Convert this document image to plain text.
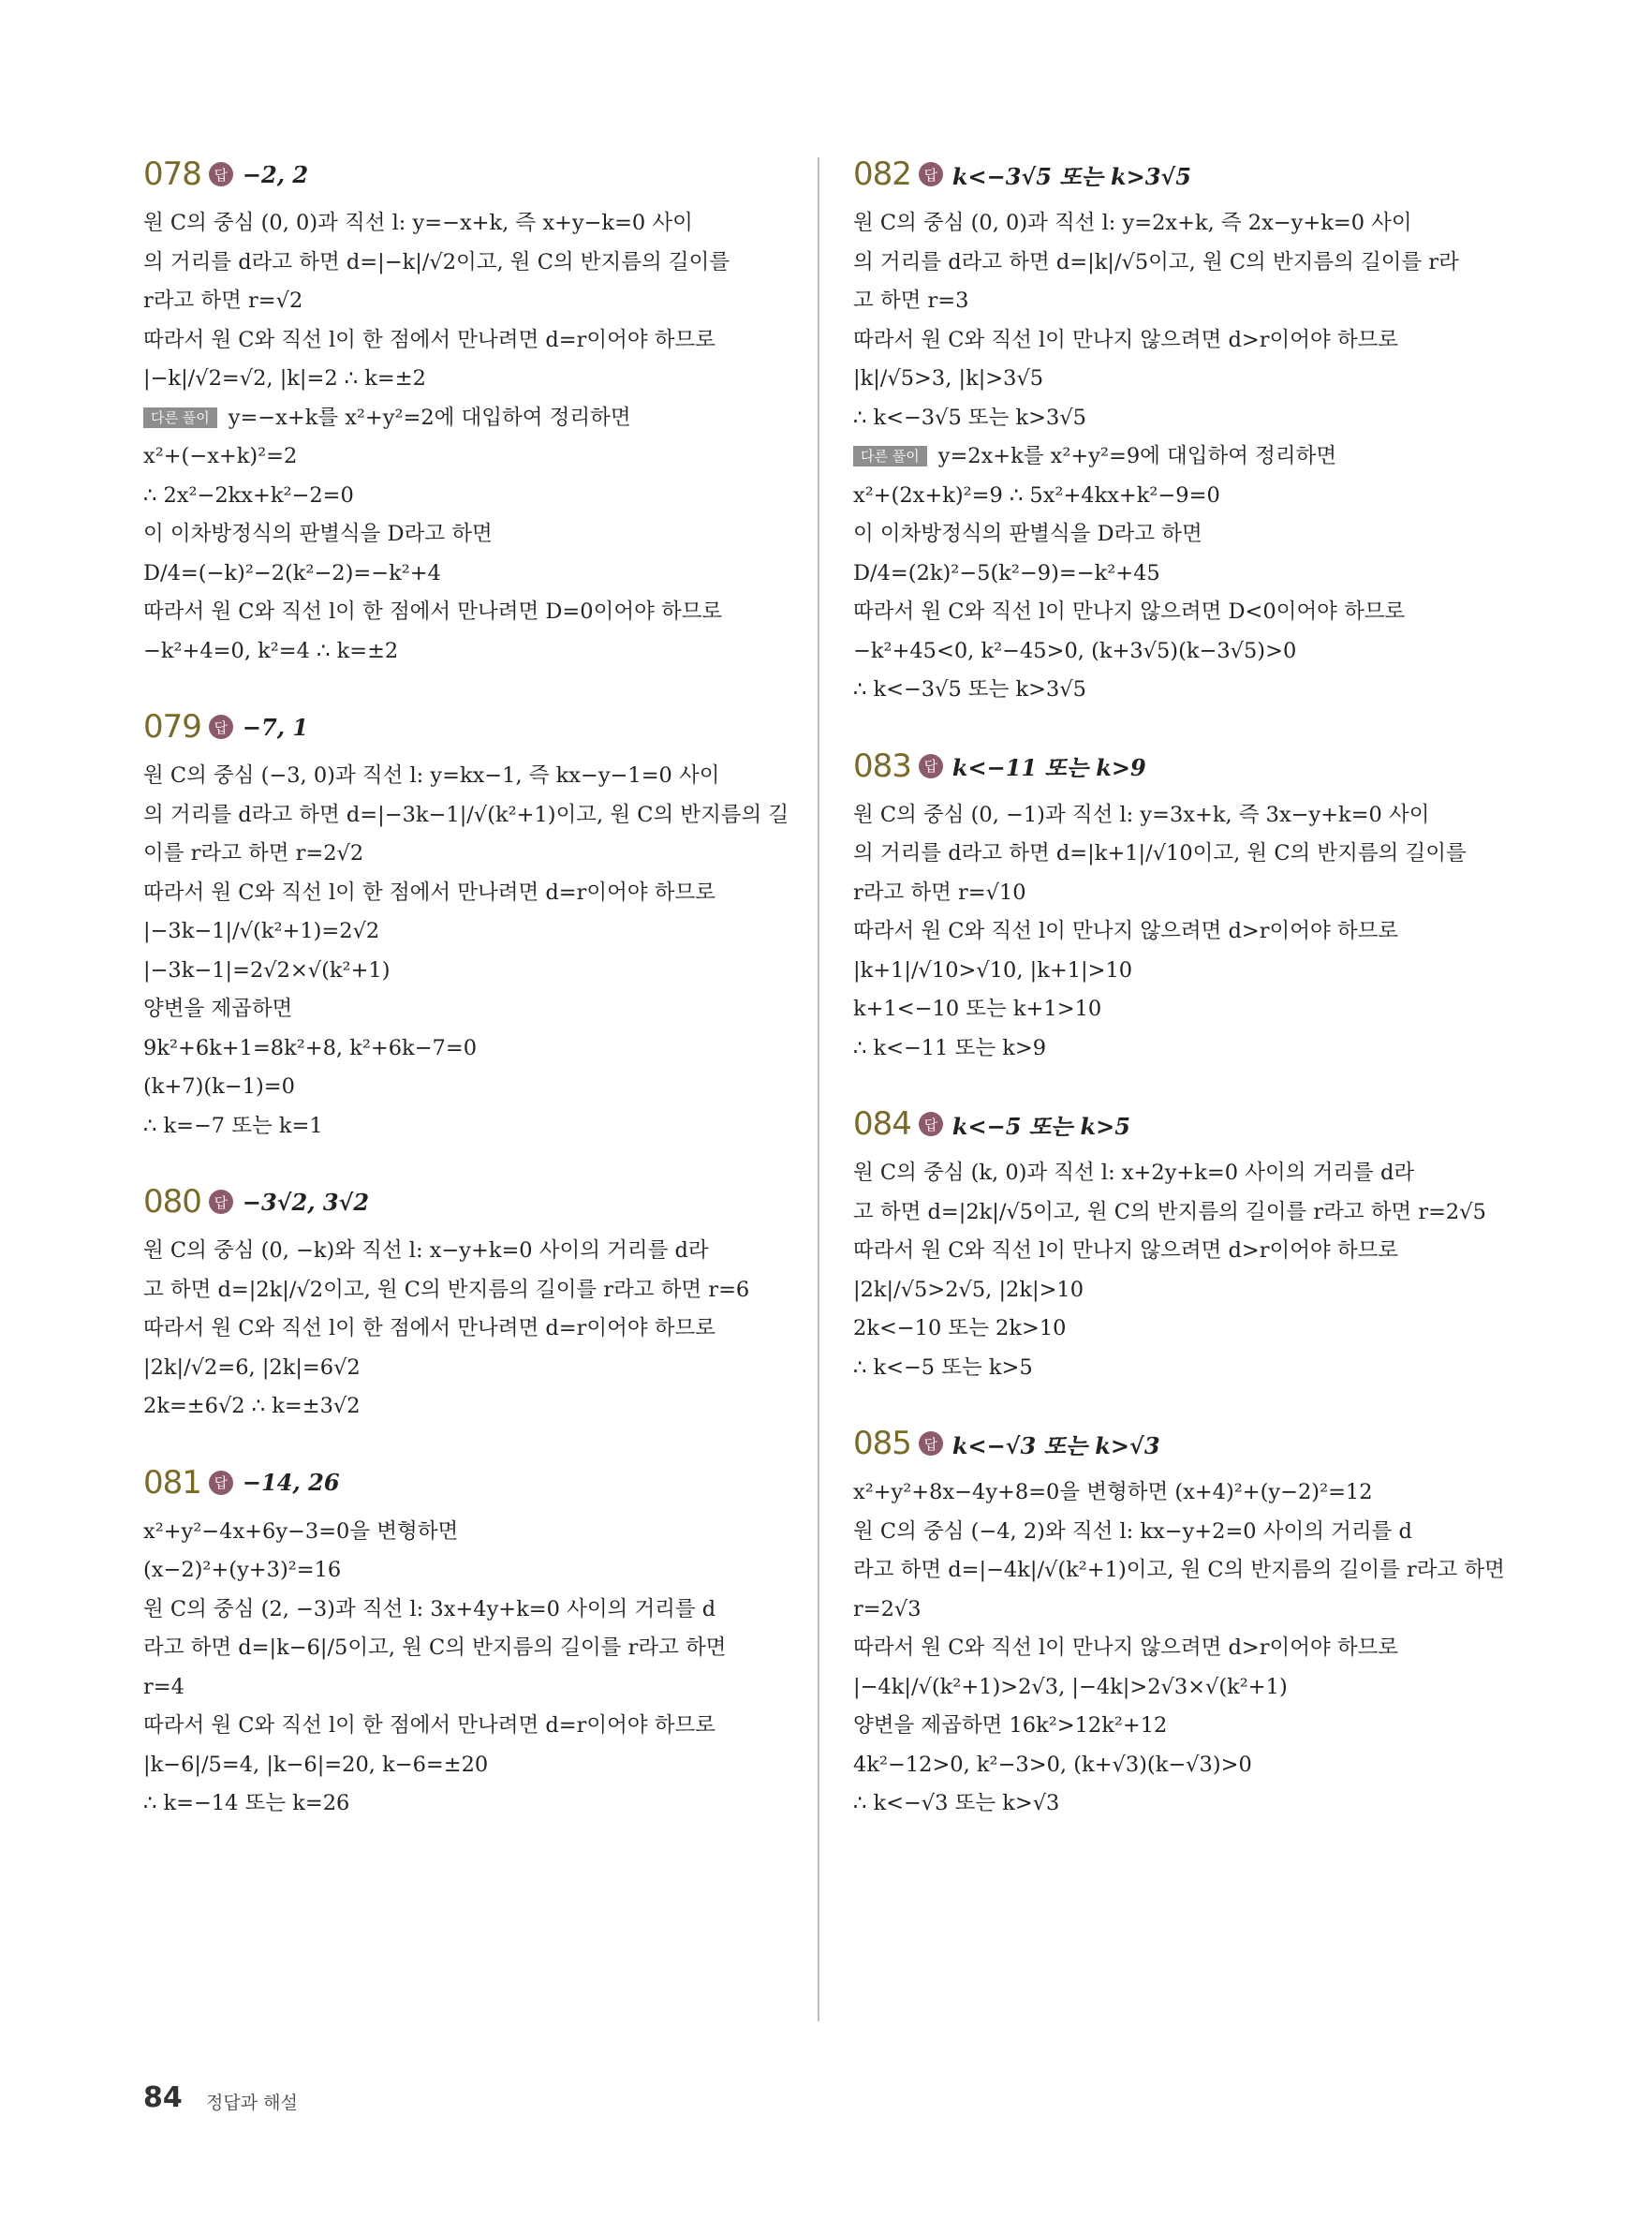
078 답 −2, 2
원 C의 중심 (0, 0)과 직선 l: y=−x+k, 즉 x+y−k=0 사이
의 거리를 d라고 하면 d=|−k|/√2이고, 원 C의 반지름의 길이를
r라고 하면 r=√2
따라서 원 C와 직선 l이 한 점에서 만나려면 d=r이어야 하므로
|−k|/√2=√2, |k|=2 ∴ k=±2
다른 풀이 y=−x+k를 x²+y²=2에 대입하여 정리하면
x²+(−x+k)²=2
∴ 2x²−2kx+k²−2=0
이 이차방정식의 판별식을 D라고 하면
D/4=(−k)²−2(k²−2)=−k²+4
따라서 원 C와 직선 l이 한 점에서 만나려면 D=0이어야 하므로
−k²+4=0, k²=4 ∴ k=±2
079 답 −7, 1
원 C의 중심 (−3, 0)과 직선 l: y=kx−1, 즉 kx−y−1=0 사이
의 거리를 d라고 하면 d=|−3k−1|/√(k²+1)이고, 원 C의 반지름의 길
이를 r라고 하면 r=2√2
따라서 원 C와 직선 l이 한 점에서 만나려면 d=r이어야 하므로
|−3k−1|/√(k²+1)=2√2
|−3k−1|=2√2×√(k²+1)
양변을 제곱하면
9k²+6k+1=8k²+8, k²+6k−7=0
(k+7)(k−1)=0
∴ k=−7 또는 k=1
080 답 −3√2, 3√2
원 C의 중심 (0, −k)와 직선 l: x−y+k=0 사이의 거리를 d라
고 하면 d=|2k|/√2이고, 원 C의 반지름의 길이를 r라고 하면 r=6
따라서 원 C와 직선 l이 한 점에서 만나려면 d=r이어야 하므로
|2k|/√2=6, |2k|=6√2
2k=±6√2 ∴ k=±3√2
081 답 −14, 26
x²+y²−4x+6y−3=0을 변형하면
(x−2)²+(y+3)²=16
원 C의 중심 (2, −3)과 직선 l: 3x+4y+k=0 사이의 거리를 d
라고 하면 d=|k−6|/5이고, 원 C의 반지름의 길이를 r라고 하면
r=4
따라서 원 C와 직선 l이 한 점에서 만나려면 d=r이어야 하므로
|k−6|/5=4, |k−6|=20, k−6=±20
∴ k=−14 또는 k=26
082 답 k<−3√5 또는 k>3√5
원 C의 중심 (0, 0)과 직선 l: y=2x+k, 즉 2x−y+k=0 사이
의 거리를 d라고 하면 d=|k|/√5이고, 원 C의 반지름의 길이를 r라
고 하면 r=3
따라서 원 C와 직선 l이 만나지 않으려면 d>r이어야 하므로
|k|/√5>3, |k|>3√5
∴ k<−3√5 또는 k>3√5
다른 풀이 y=2x+k를 x²+y²=9에 대입하여 정리하면
x²+(2x+k)²=9 ∴ 5x²+4kx+k²−9=0
이 이차방정식의 판별식을 D라고 하면
D/4=(2k)²−5(k²−9)=−k²+45
따라서 원 C와 직선 l이 만나지 않으려면 D<0이어야 하므로
−k²+45<0, k²−45>0, (k+3√5)(k−3√5)>0
∴ k<−3√5 또는 k>3√5
083 답 k<−11 또는 k>9
원 C의 중심 (0, −1)과 직선 l: y=3x+k, 즉 3x−y+k=0 사이
의 거리를 d라고 하면 d=|k+1|/√10이고, 원 C의 반지름의 길이를
r라고 하면 r=√10
따라서 원 C와 직선 l이 만나지 않으려면 d>r이어야 하므로
|k+1|/√10>√10, |k+1|>10
k+1<−10 또는 k+1>10
∴ k<−11 또는 k>9
084 답 k<−5 또는 k>5
원 C의 중심 (k, 0)과 직선 l: x+2y+k=0 사이의 거리를 d라
고 하면 d=|2k|/√5이고, 원 C의 반지름의 길이를 r라고 하면 r=2√5
따라서 원 C와 직선 l이 만나지 않으려면 d>r이어야 하므로
|2k|/√5>2√5, |2k|>10
2k<−10 또는 2k>10
∴ k<−5 또는 k>5
085 답 k<−√3 또는 k>√3
x²+y²+8x−4y+8=0을 변형하면 (x+4)²+(y−2)²=12
원 C의 중심 (−4, 2)와 직선 l: kx−y+2=0 사이의 거리를 d
라고 하면 d=|−4k|/√(k²+1)이고, 원 C의 반지름의 길이를 r라고 하면
r=2√3
따라서 원 C와 직선 l이 만나지 않으려면 d>r이어야 하므로
|−4k|/√(k²+1)>2√3, |−4k|>2√3×√(k²+1)
양변을 제곱하면 16k²>12k²+12
4k²−12>0, k²−3>0, (k+√3)(k−√3)>0
∴ k<−√3 또는 k>√3
84 정답과 해설
